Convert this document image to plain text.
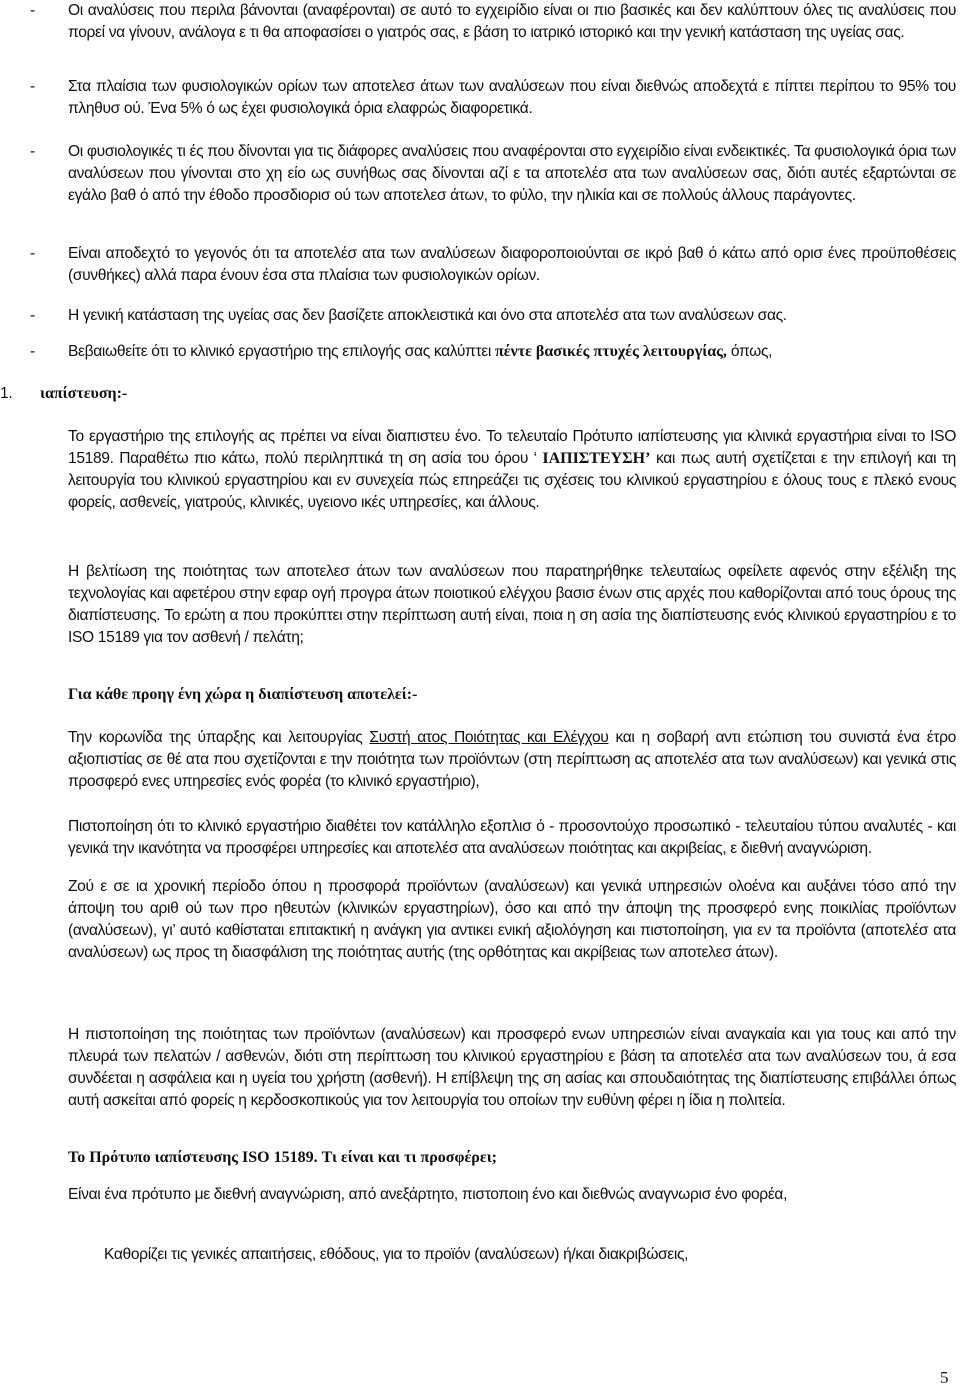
- Οι αναλύσεις που περιλα βάνονται (αναφέρονται) σε αυτό το εγχειρίδιο είναι οι πιο βασικές και δεν καλύπτουν όλες τις αναλύσεις που πορεί να γίνουν, ανάλογα ε τι θα αποφασίσει ο γιατρός σας, ε βάση το ιατρικό ιστορικό και την γενική κατάσταση της υγείας σας.

- Στα πλαίσια των φυσιολογικών ορίων των αποτελεσ άτων των αναλύσεων που είναι διεθνώς αποδεχτά ε πίπτει περίπου το 95% του πληθυσ ού. Ένα 5% ό ως έχει φυσιολογικά όρια ελαφρώς διαφορετικά.

- Οι φυσιολογικές τι ές που δίνονται για τις διάφορες αναλύσεις που αναφέρονται στο εγχειρίδιο είναι ενδεικτικές. Τα φυσιολογικά όρια των αναλύσεων που γίνονται στο χη είο ως συνήθως σας δίνονται αζί ε τα αποτελέσ ατα των αναλύσεων σας, διότι αυτές εξαρτώνται σε εγάλο βαθ ό από την έθοδο προσδιορισ ού των αποτελεσ άτων, το φύλο, την ηλικία και σε πολλούς άλλους παράγοντες.

- Είναι αποδεχτό το γεγονός ότι τα αποτελέσ ατα των αναλύσεων διαφοροποιούνται σε ικρό βαθ ό κάτω από ορισ ένες προϋποθέσεις (συνθήκες) αλλά παρα ένουν έσα στα πλαίσια των φυσιολογικών ορίων.

- Η γενική κατάσταση της υγείας σας δεν βασίζετε αποκλειστικά και όνο στα αποτελέσ ατα των αναλύσεων σας.

- Βεβαιωθείτε ότι το κλινικό εργαστήριο της επιλογής σας καλύπτει πέντε βασικές πτυχές λειτουργίας, όπως,

1. ιαπίστευση:-

Το εργαστήριο της επιλογής ας πρέπει να είναι διαπιστευ ένο. Το τελευταίο Πρότυπο ιαπίστευσης για κλινικά εργαστήρια είναι το ISO 15189. Παραθέτω πιο κάτω, πολύ περιληπτικά τη ση ασία του όρου ‘ ΙΑΠΙΣΤΕΥΣΗ’ και πως αυτή σχετίζεται ε την επιλογή και τη λειτουργία του κλινικού εργαστηρίου και εν συνεχεία πώς επηρεάζει τις σχέσεις του κλινικού εργαστηρίου ε όλους τους ε πλεκό ενους φορείς, ασθενείς, γιατρούς, κλινικές, υγειονο ικές υπηρεσίες, και άλλους.

Η βελτίωση της ποιότητας των αποτελεσ άτων των αναλύσεων που παρατηρήθηκε τελευταίως οφείλετε αφενός στην εξέλιξη της τεχνολογίας και αφετέρου στην εφαρ ογή προγρα άτων ποιοτικού ελέγχου βασισ ένων στις αρχές που καθορίζονται από τους όρους της διαπίστευσης. Το ερώτη α που προκύπτει στην περίπτωση αυτή είναι, ποια η ση ασία της διαπίστευσης ενός κλινικού εργαστηρίου ε το ISO 15189 για τον ασθενή / πελάτη;

Για κάθε προηγ ένη χώρα η διαπίστευση αποτελεί:-

Την κορωνίδα της ύπαρξης και λειτουργίας Συστή ατος Ποιότητας και Ελέγχου και η σοβαρή αντι ετώπιση του συνιστά ένα έτρο αξιοπιστίας σε θέ ατα που σχετίζονται ε την ποιότητα των προϊόντων (στη περίπτωση ας αποτελέσ ατα των αναλύσεων) και γενικά στις προσφερό ενες υπηρεσίες ενός φορέα (το κλινικό εργαστήριο),

Πιστοποίηση ότι το κλινικό εργαστήριο διαθέτει τον κατάλληλο εξοπλισ ό - προσοντούχο προσωπικό - τελευταίου τύπου αναλυτές - και γενικά την ικανότητα να προσφέρει υπηρεσίες και αποτελέσ ατα αναλύσεων ποιότητας και ακριβείας, ε διεθνή αναγνώριση.

Ζού ε σε ια χρονική περίοδο όπου η προσφορά προϊόντων (αναλύσεων) και γενικά υπηρεσιών ολοένα και αυξάνει τόσο από την άποψη του αριθ ού των προ ηθευτών (κλινικών εργαστηρίων), όσο και από την άποψη της προσφερό ενης ποικιλίας προϊόντων (αναλύσεων), γι’ αυτό καθίσταται επιτακτική η ανάγκη για αντικει ενική αξιολόγηση και πιστοποίηση, για εν τα προϊόντα (αποτελέσ ατα αναλύσεων) ως προς τη διασφάλιση της ποιότητας αυτής (της ορθότητας και ακρίβειας των αποτελεσ άτων).

Η πιστοποίηση της ποιότητας των προϊόντων (αναλύσεων) και προσφερό ενων υπηρεσιών είναι αναγκαία και για τους και από την πλευρά των πελατών / ασθενών, διότι στη περίπτωση του κλινικού εργαστηρίου ε βάση τα αποτελέσ ατα των αναλύσεων του, ά εσα συνδέεται η ασφάλεια και η υγεία του χρήστη (ασθενή). Η επίβλεψη της ση ασίας και σπουδαιότητας της διαπίστευσης επιβάλλει όπως αυτή ασκείται από φορείς η κερδοσκοπικούς για τον λειτουργία του οποίων την ευθύνη φέρει η ίδια η πολιτεία.

Το Πρότυπο ιαπίστευσης ISO 15189. Τι είναι και τι προσφέρει;

Είναι ένα πρότυπο με διεθνή αναγνώριση, από ανεξάρτητο, πιστοποιη ένο και διεθνώς αναγνωρισ ένο φορέα,

Καθορίζει τις γενικές απαιτήσεις, εθόδους, για το προϊόν (αναλύσεων) ή/και διακριβώσεις,

5
